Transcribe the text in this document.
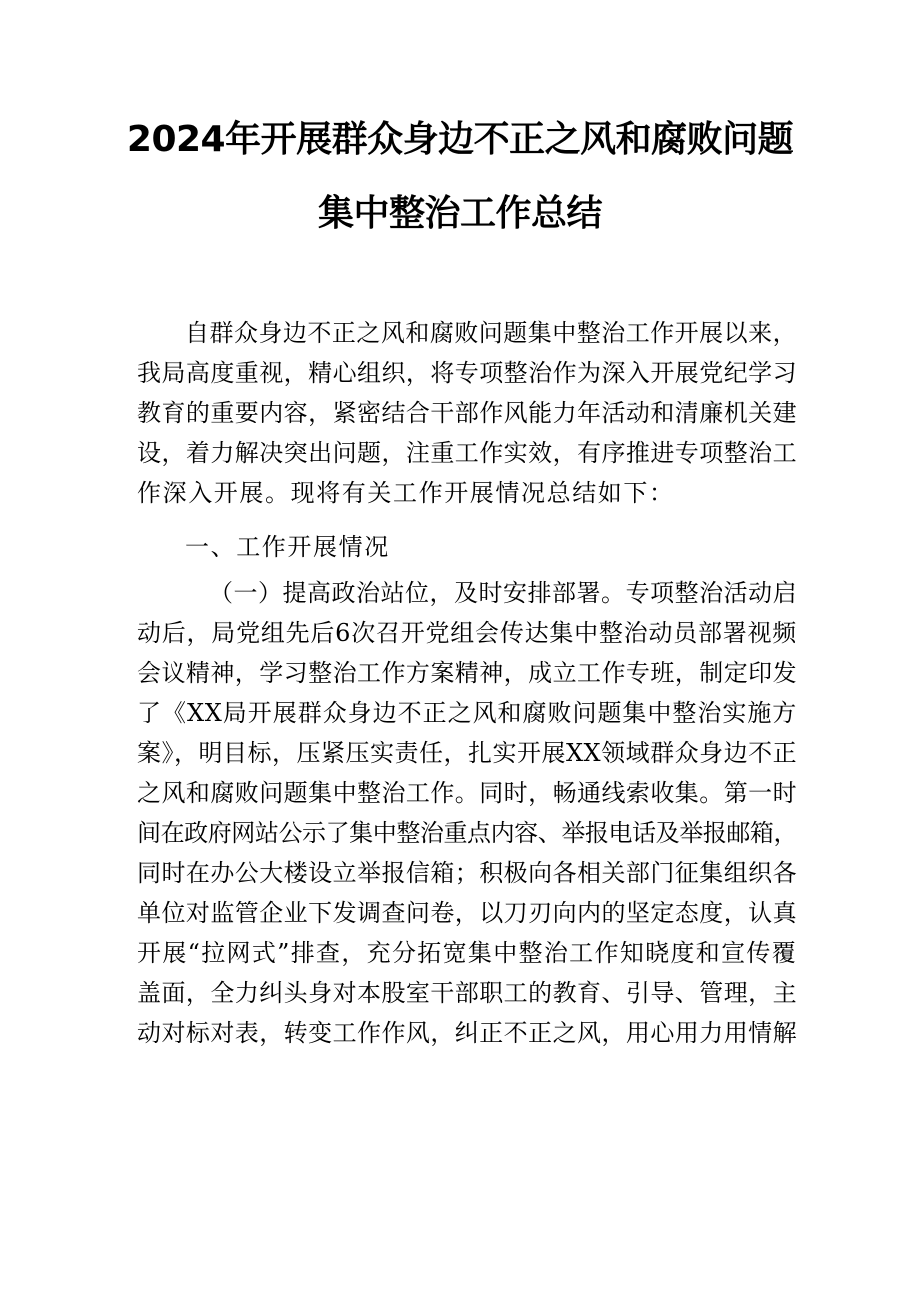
2024年开展群众身边不正之风和腐败问题
集中整治工作总结
自群众身边不正之风和腐败问题集中整治工作开展以来，
我局高度重视，精心组织，将专项整治作为深入开展党纪学习
教育的重要内容，紧密结合干部作风能力年活动和清廉机关建
设，着力解决突出问题，注重工作实效，有序推进专项整治工
作深入开展。现将有关工作开展情况总结如下：
一、工作开展情况
（一）提高政治站位，及时安排部署。专项整治活动启
动后，局党组先后6次召开党组会传达集中整治动员部署视频
会议精神，学习整治工作方案精神，成立工作专班，制定印发
了《XX局开展群众身边不正之风和腐败问题集中整治实施方
案》，明目标，压紧压实责任，扎实开展XX领域群众身边不正
之风和腐败问题集中整治工作。同时，畅通线索收集。第一时
间在政府网站公示了集中整治重点内容、举报电话及举报邮箱，
同时在办公大楼设立举报信箱；积极向各相关部门征集组织各
单位对监管企业下发调查问卷，以刀刃向内的坚定态度，认真
开展“拉网式”排查，充分拓宽集中整治工作知晓度和宣传覆
盖面，全力纠头身对本股室干部职工的教育、引导、管理，主
动对标对表，转变工作作风，纠正不正之风，用心用力用情解
